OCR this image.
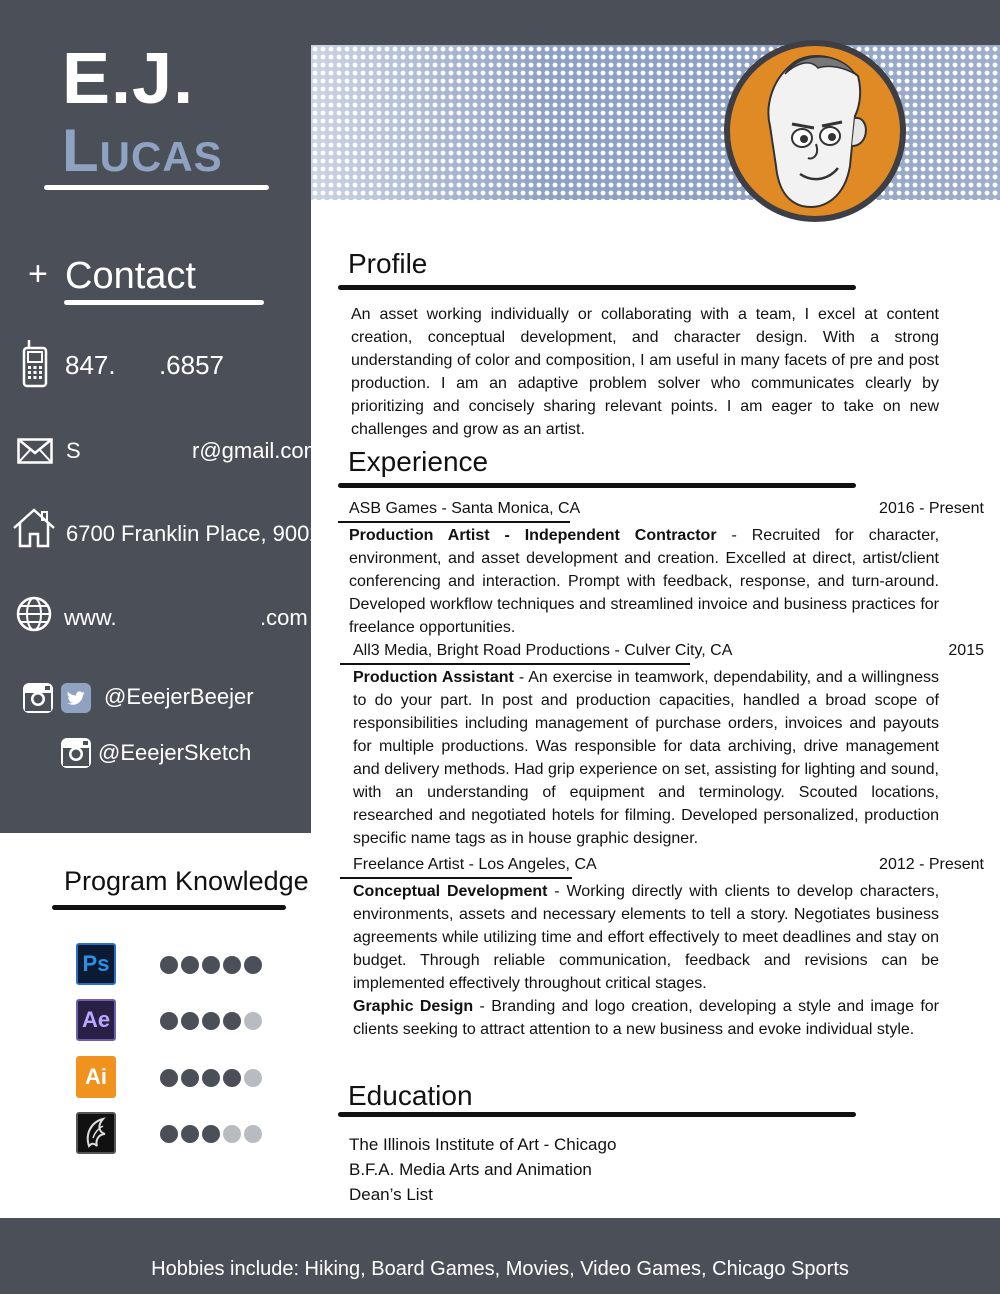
E.J.
Lucas
+ Contact
847.      .6857
S	r@gmail.com
6700 Franklin Place, 90028
www.	.com
@EeejerBeejer
@EeejerSketch
Profile
An asset working individually or collaborating with a team, I excel at content creation, conceptual development, and character design. With a strong understanding of color and composition, I am useful in many facets of pre and post production. I am an adaptive problem solver who communicates clearly by prioritizing and concisely sharing relevant points. I am eager to take on new challenges and grow as an artist.
Experience
ASB Games - Santa Monica, CA	2016 - Present
Production Artist - Independent Contractor - Recruited for character, environment, and asset development and creation. Excelled at direct, artist/client conferencing and interaction. Prompt with feedback, response, and turn-around. Developed workflow techniques and streamlined invoice and business practices for freelance opportunities.
All3 Media, Bright Road Productions - Culver City, CA	2015
Production Assistant - An exercise in teamwork, dependability, and a willingness to do your part. In post and production capacities, handled a broad scope of responsibilities including management of purchase orders, invoices and payouts for multiple productions. Was responsible for data archiving, drive management and delivery methods. Had grip experience on set, assisting for lighting and sound, with an understanding of equipment and terminology. Scouted locations, researched and negotiated hotels for filming. Developed personalized, production specific name tags as in house graphic designer.
Freelance Artist - Los Angeles, CA	2012 - Present
Conceptual Development - Working directly with clients to develop characters, environments, assets and necessary elements to tell a story. Negotiates business agreements while utilizing time and effort effectively to meet deadlines and stay on budget. Through reliable communication, feedback and revisions can be implemented effectively throughout critical stages.
Graphic Design - Branding and logo creation, developing a style and image for clients seeking to attract attention to a new business and evoke individual style.
Education
The Illinois Institute of Art - Chicago
B.F.A. Media Arts and Animation
Dean’s List
Program Knowledge
Ps
Ae
Ai
Hobbies include: Hiking, Board Games, Movies, Video Games, Chicago Sports
